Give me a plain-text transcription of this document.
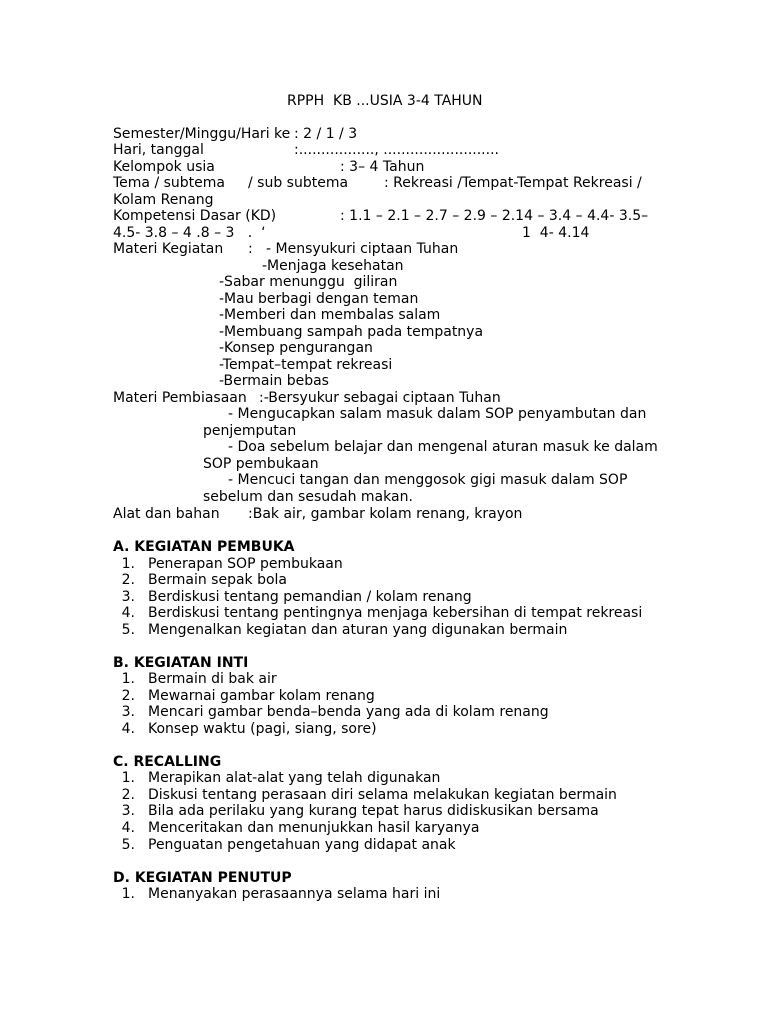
RPPH  KB ...USIA 3-4 TAHUN
Semester/Minggu/Hari ke : 2 / 1 / 3
Hari, tanggal	:................., ..........................
Kelompok usia	: 3– 4 Tahun
Tema / subtema / sub subtema	: Rekreasi /Tempat-Tempat Rekreasi /
Kolam Renang
Kompetensi Dasar (KD)	: 1.1 – 2.1 – 2.7 – 2.9 – 2.14 – 3.4 – 4.4- 3.5–
4.5- 3.8 – 4 .8 – 3   .  ‘	1  4- 4.14
Materi Kegiatan : - Mensyukuri ciptaan Tuhan
-Menjaga kesehatan
-Sabar menunggu  giliran
-Mau berbagi dengan teman
-Memberi dan membalas salam
-Membuang sampah pada tempatnya
-Konsep pengurangan
-Tempat–tempat rekreasi
-Bermain bebas
Materi Pembiasaan :-Bersyukur sebagai ciptaan Tuhan
- Mengucapkan salam masuk dalam SOP penyambutan dan
penjemputan
- Doa sebelum belajar dan mengenal aturan masuk ke dalam
SOP pembukaan
- Mencuci tangan dan menggosok gigi masuk dalam SOP
sebelum dan sesudah makan.
Alat dan bahan :Bak air, gambar kolam renang, krayon
A. KEGIATAN PEMBUKA
1. Penerapan SOP pembukaan
2. Bermain sepak bola
3. Berdiskusi tentang pemandian / kolam renang
4. Berdiskusi tentang pentingnya menjaga kebersihan di tempat rekreasi
5. Mengenalkan kegiatan dan aturan yang digunakan bermain
B. KEGIATAN INTI
1. Bermain di bak air
2. Mewarnai gambar kolam renang
3. Mencari gambar benda–benda yang ada di kolam renang
4. Konsep waktu (pagi, siang, sore)
C. RECALLING
1. Merapikan alat-alat yang telah digunakan
2. Diskusi tentang perasaan diri selama melakukan kegiatan bermain
3. Bila ada perilaku yang kurang tepat harus didiskusikan bersama
4. Menceritakan dan menunjukkan hasil karyanya
5. Penguatan pengetahuan yang didapat anak
D. KEGIATAN PENUTUP
1. Menanyakan perasaannya selama hari ini
